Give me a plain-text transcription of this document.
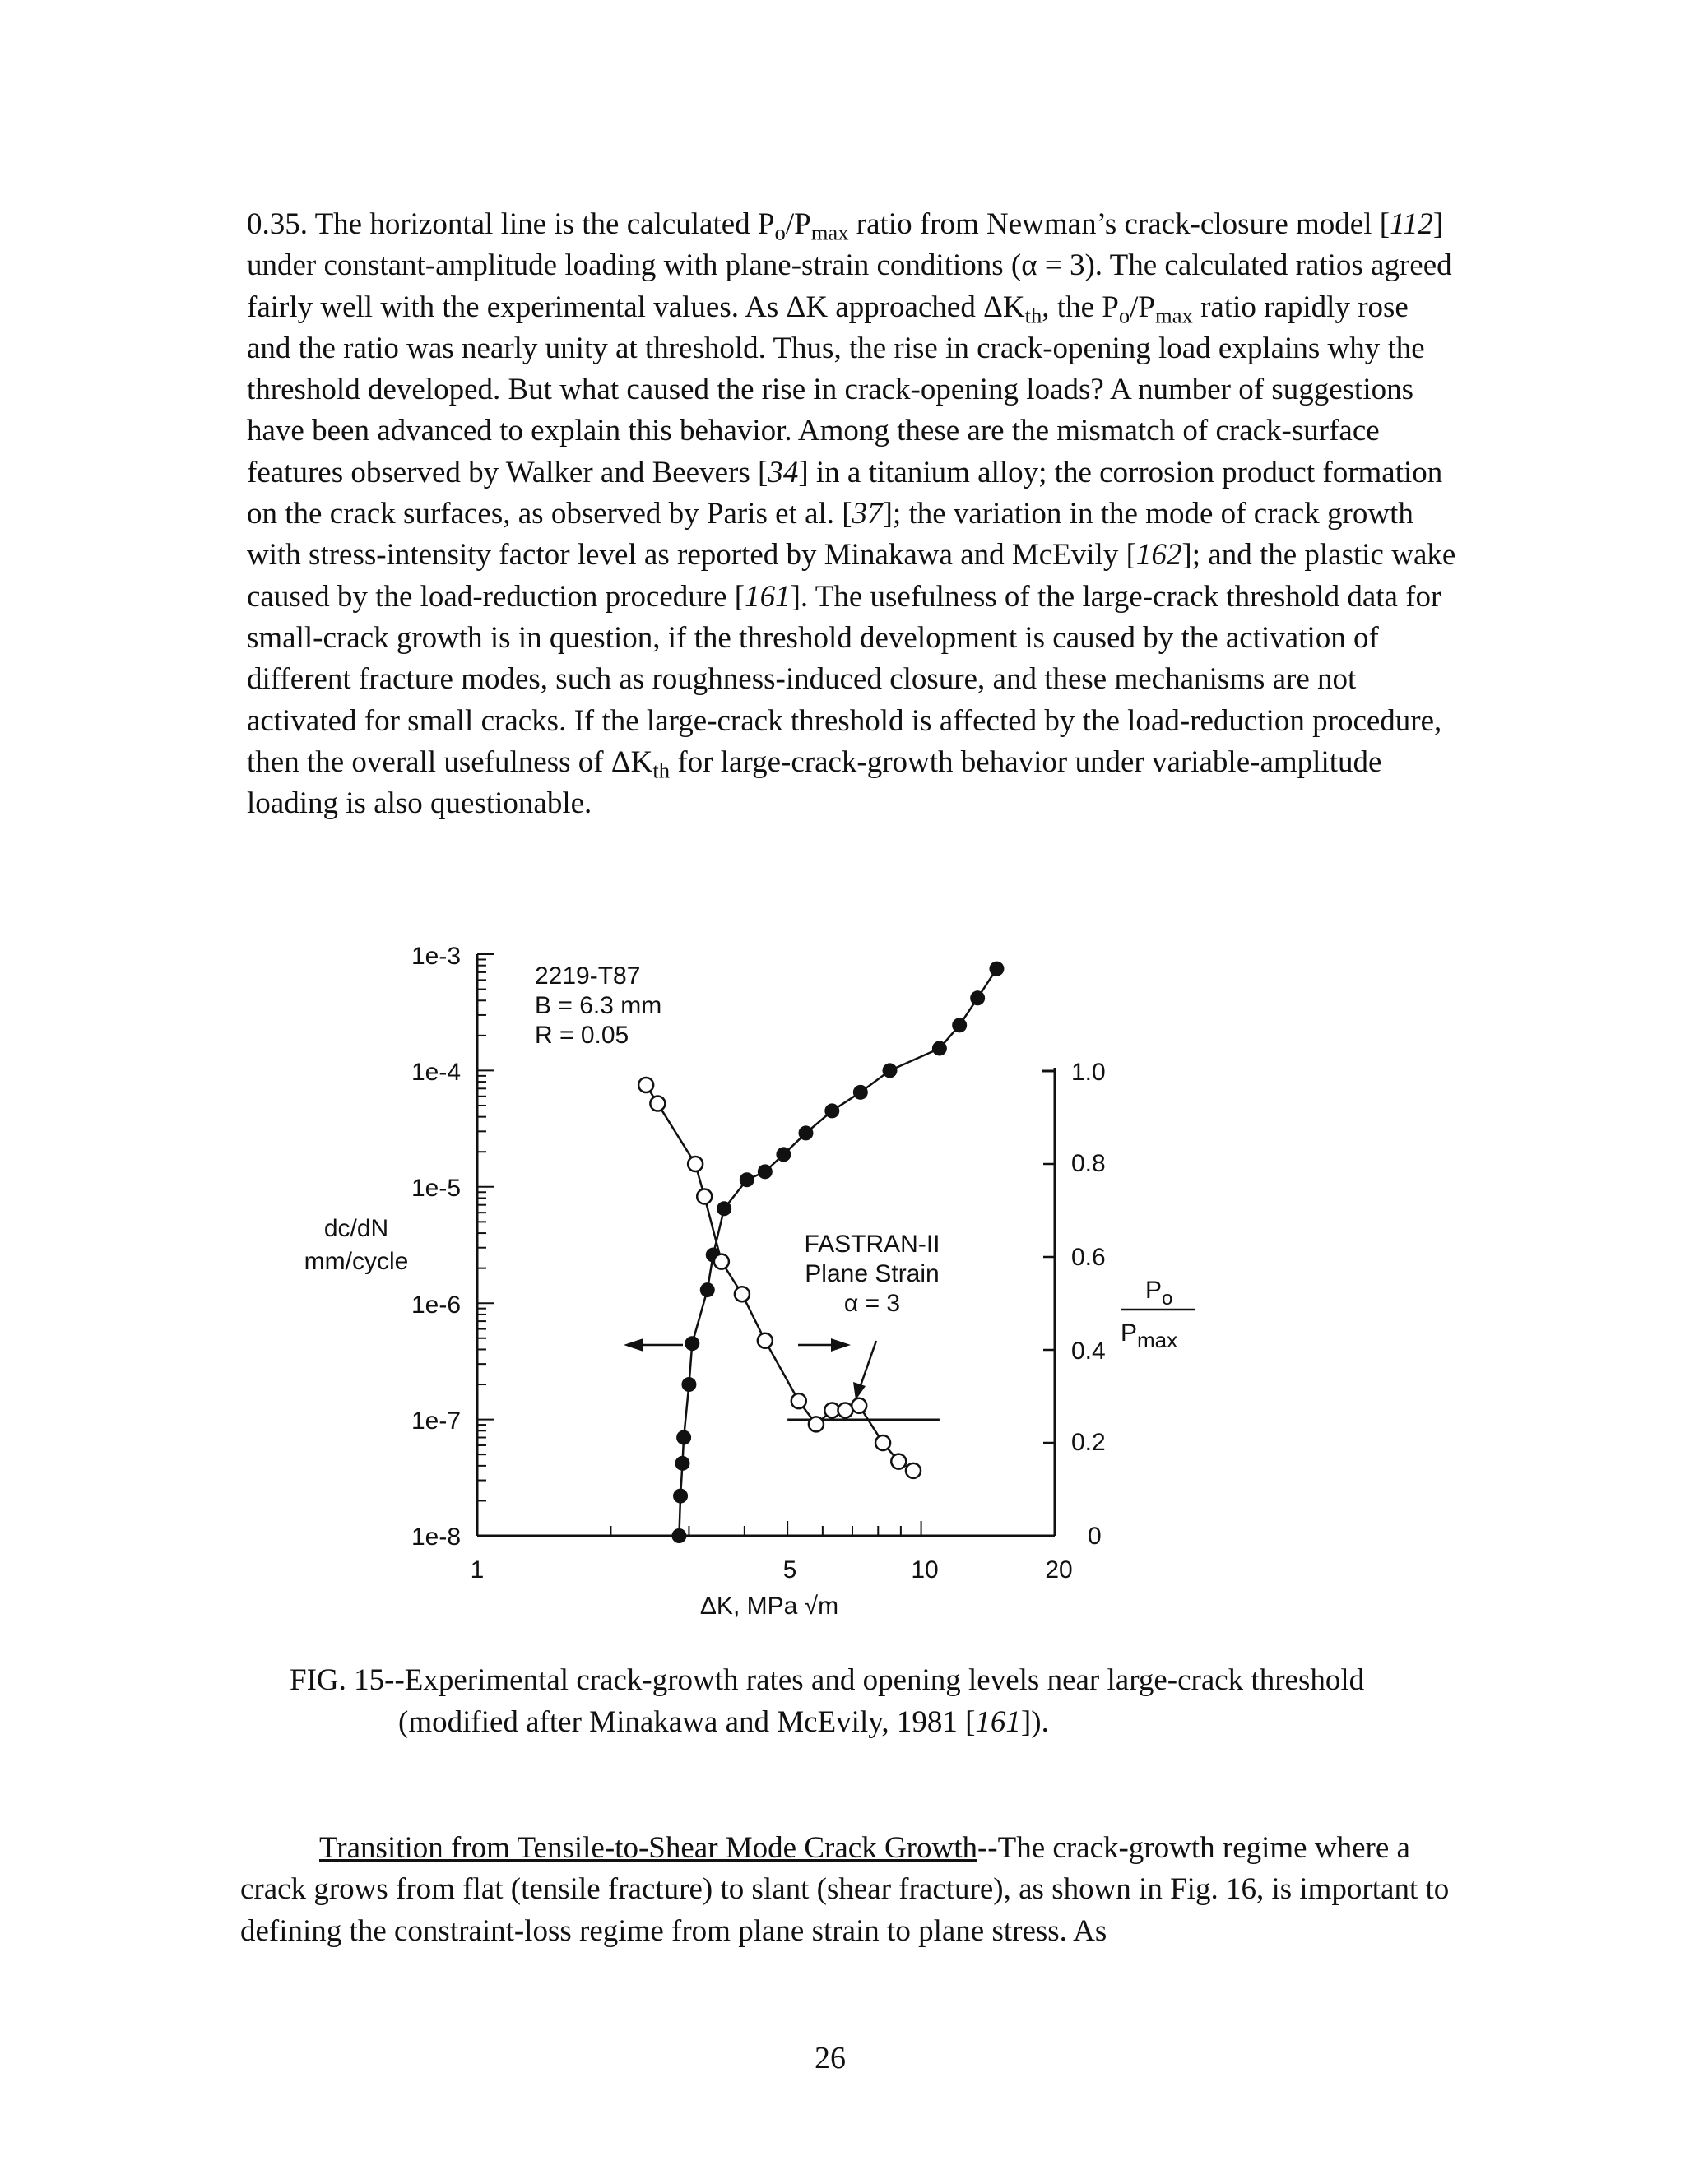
0.35. The horizontal line is the calculated $P_o/P_{max}$ ratio from Newman’s crack-closure model [112] under constant-amplitude loading with plane-strain conditions (α = 3). The calculated ratios agreed fairly well with the experimental values. As ΔK approached $\Delta K_{th}$, the $P_o/P_{max}$ ratio rapidly rose and the ratio was nearly unity at threshold. Thus, the rise in crack-opening load explains why the threshold developed. But what caused the rise in crack-opening loads? A number of suggestions have been advanced to explain this behavior. Among these are the mismatch of crack-surface features observed by Walker and Beevers [34] in a titanium alloy; the corrosion product formation on the crack surfaces, as observed by Paris et al. [37]; the variation in the mode of crack growth with stress-intensity factor level as reported by Minakawa and McEvily [162]; and the plastic wake caused by the load-reduction procedure [161]. The usefulness of the large-crack threshold data for small-crack growth is in question, if the threshold development is caused by the activation of different fracture modes, such as roughness-induced closure, and these mechanisms are not activated for small cracks. If the large-crack threshold is affected by the load-reduction procedure, then the overall usefulness of $\Delta K_{th}$ for large-crack-growth behavior under variable-amplitude loading is also questionable.

1e-3
1e-4
1e-5
1e-6
1e-7
1e-8
1.0
0.8
0.6
0.4
0.2
0
1	5	10	20
ΔK, MPa √m
dc/dN
mm/cycle
$P_o$
Pmax
2219-T87
B = 6.3 mm
R = 0.05
FASTRAN-II
Plane Strain
α = 3

FIG. 15--Experimental crack-growth rates and opening levels near large-crack threshold
(modified after Minakawa and McEvily, 1981 [161]).

Transition from Tensile-to-Shear Mode Crack Growth--The crack-growth regime where a crack grows from flat (tensile fracture) to slant (shear fracture), as shown in Fig. 16, is important to defining the constraint-loss regime from plane strain to plane stress. As

26
